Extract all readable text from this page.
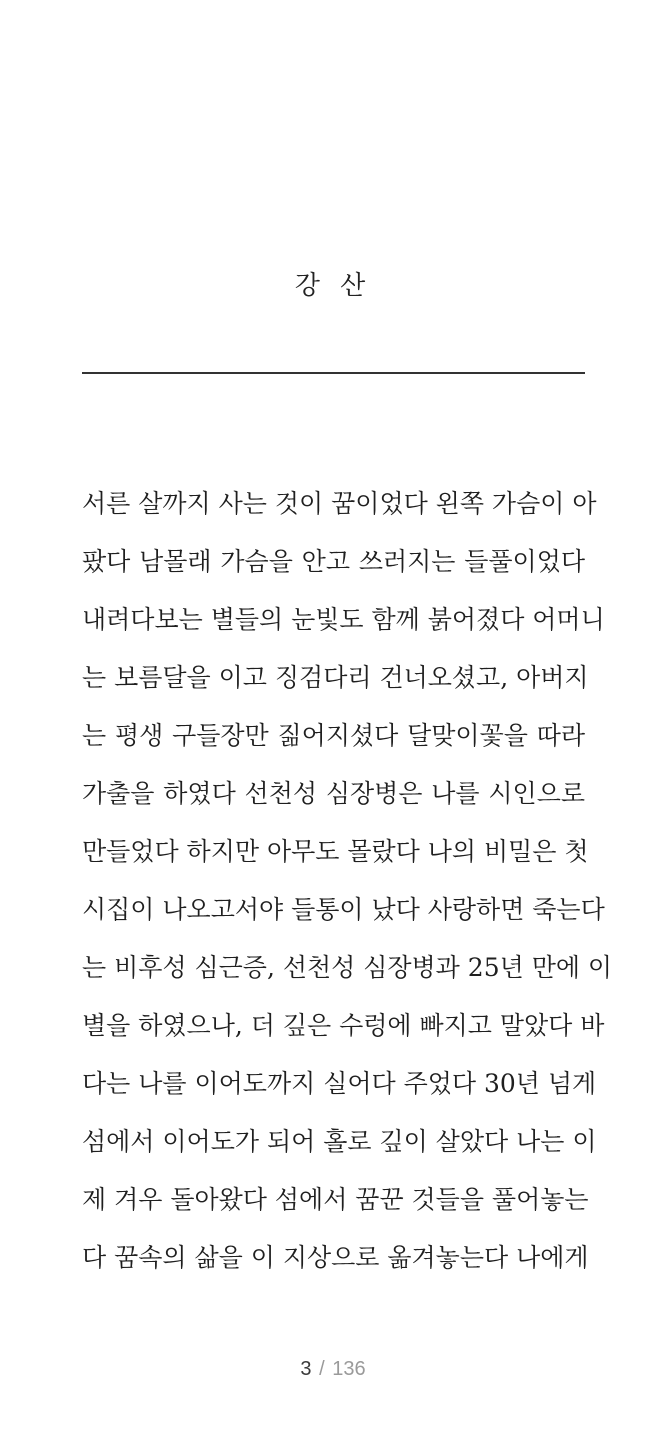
강 산
서른 살까지 사는 것이 꿈이었다 왼쪽 가슴이 아
팠다 남몰래 가슴을 안고 쓰러지는 들풀이었다
내려다보는 별들의 눈빛도 함께 붉어졌다 어머니
는 보름달을 이고 징검다리 건너오셨고, 아버지
는 평생 구들장만 짊어지셨다 달맞이꽃을 따라
가출을 하였다 선천성 심장병은 나를 시인으로
만들었다 하지만 아무도 몰랐다 나의 비밀은 첫
시집이 나오고서야 들통이 났다 사랑하면 죽는다
는 비후성 심근증, 선천성 심장병과 25년 만에 이
별을 하였으나, 더 깊은 수렁에 빠지고 말았다 바
다는 나를 이어도까지 실어다 주었다 30년 넘게
섬에서 이어도가 되어 홀로 깊이 살았다 나는 이
제 겨우 돌아왔다 섬에서 꿈꾼 것들을 풀어놓는
다 꿈속의 삶을 이 지상으로 옮겨놓는다 나에게
3 / 136
